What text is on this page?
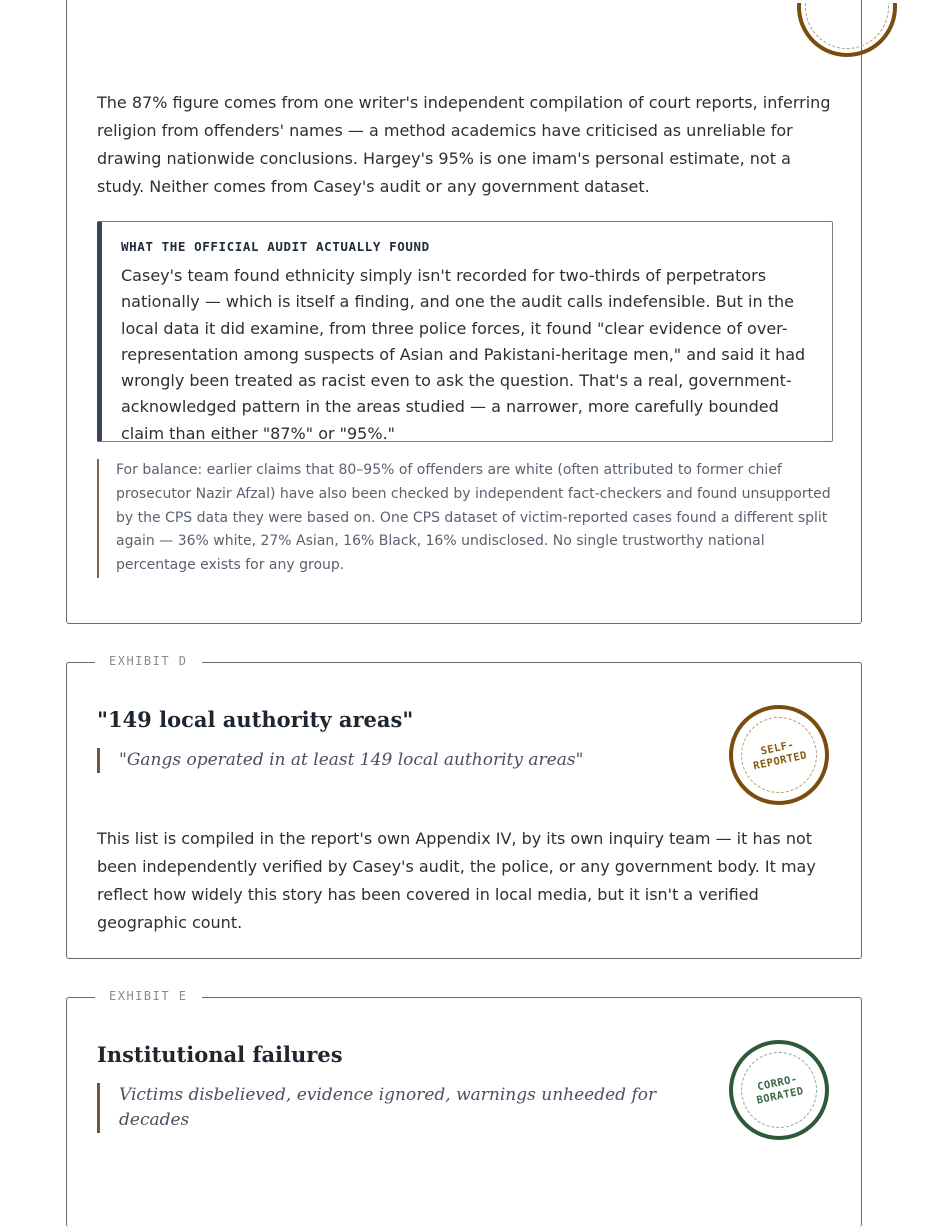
The 87% figure comes from one writer's independent compilation of court reports, inferring religion from offenders' names — a method academics have criticised as unreliable for drawing nationwide conclusions. Hargey's 95% is one imam's personal estimate, not a study. Neither comes from Casey's audit or any government dataset.
WHAT THE OFFICIAL AUDIT ACTUALLY FOUND
Casey's team found ethnicity simply isn't recorded for two-thirds of perpetrators nationally — which is itself a finding, and one the audit calls indefensible. But in the local data it did examine, from three police forces, it found "clear evidence of over-representation among suspects of Asian and Pakistani-heritage men," and said it had wrongly been treated as racist even to ask the question. That's a real, government-acknowledged pattern in the areas studied — a narrower, more carefully bounded claim than either "87%" or "95%."
For balance: earlier claims that 80–95% of offenders are white (often attributed to former chief prosecutor Nazir Afzal) have also been checked by independent fact-checkers and found unsupported by the CPS data they were based on. One CPS dataset of victim-reported cases found a different split again — 36% white, 27% Asian, 16% Black, 16% undisclosed. No single trustworthy national percentage exists for any group.
EXHIBIT D
"149 local authority areas"
"Gangs operated in at least 149 local authority areas"
SELF-
REPORTED
This list is compiled in the report's own Appendix IV, by its own inquiry team — it has not been independently verified by Casey's audit, the police, or any government body. It may reflect how widely this story has been covered in local media, but it isn't a verified geographic count.
EXHIBIT E
Institutional failures
Victims disbelieved, evidence ignored, warnings unheeded for decades
CORRO-
BORATED
